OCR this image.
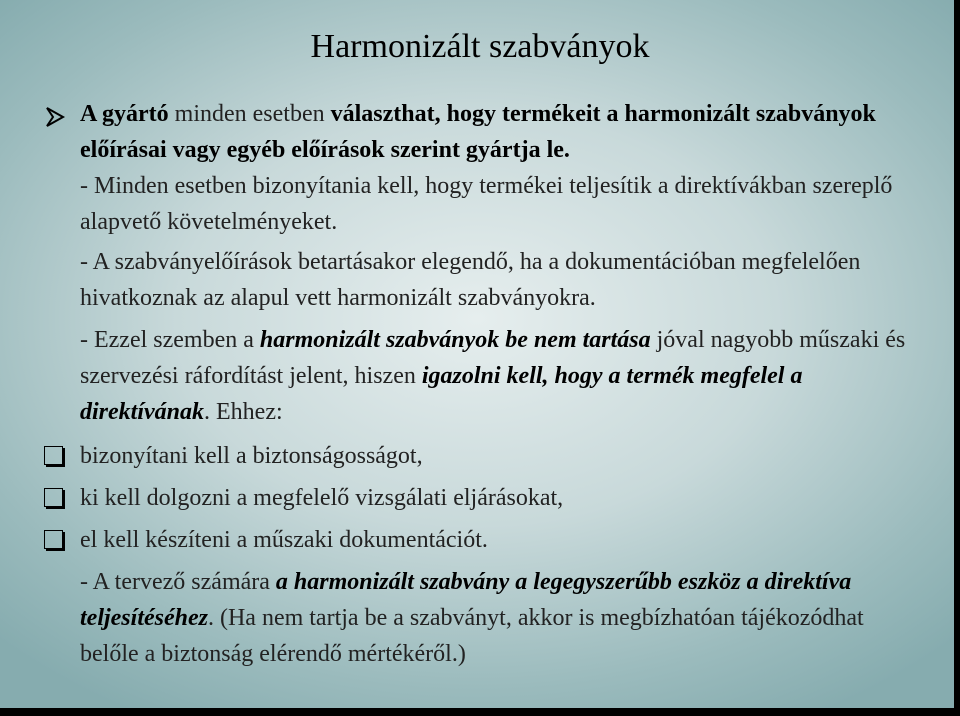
Harmonizált szabványok
A gyártó minden esetben választhat, hogy termékeit a harmonizált szabványok előírásai vagy egyéb előírások szerint gyártja le.
- Minden esetben bizonyítania kell, hogy termékei teljesítik a direktívákban szereplő alapvető követelményeket.
- A szabványelőírások betartásakor elegendő, ha a dokumentációban megfelelően hivatkoznak az alapul vett harmonizált szabványokra.
- Ezzel szemben a harmonizált szabványok be nem tartása jóval nagyobb műszaki és szervezési ráfordítást jelent, hiszen igazolni kell, hogy a termék megfelel a direktívának. Ehhez:
bizonyítani kell a biztonságosságot,
ki kell dolgozni a megfelelő vizsgálati eljárásokat,
el kell készíteni a műszaki dokumentációt.
- A tervező számára a harmonizált szabvány a legegyszerűbb eszköz a direktíva teljesítéséhez. (Ha nem tartja be a szabványt, akkor is megbízhatóan tájékozódhat belőle a biztonság elérendő mértékéről.)
